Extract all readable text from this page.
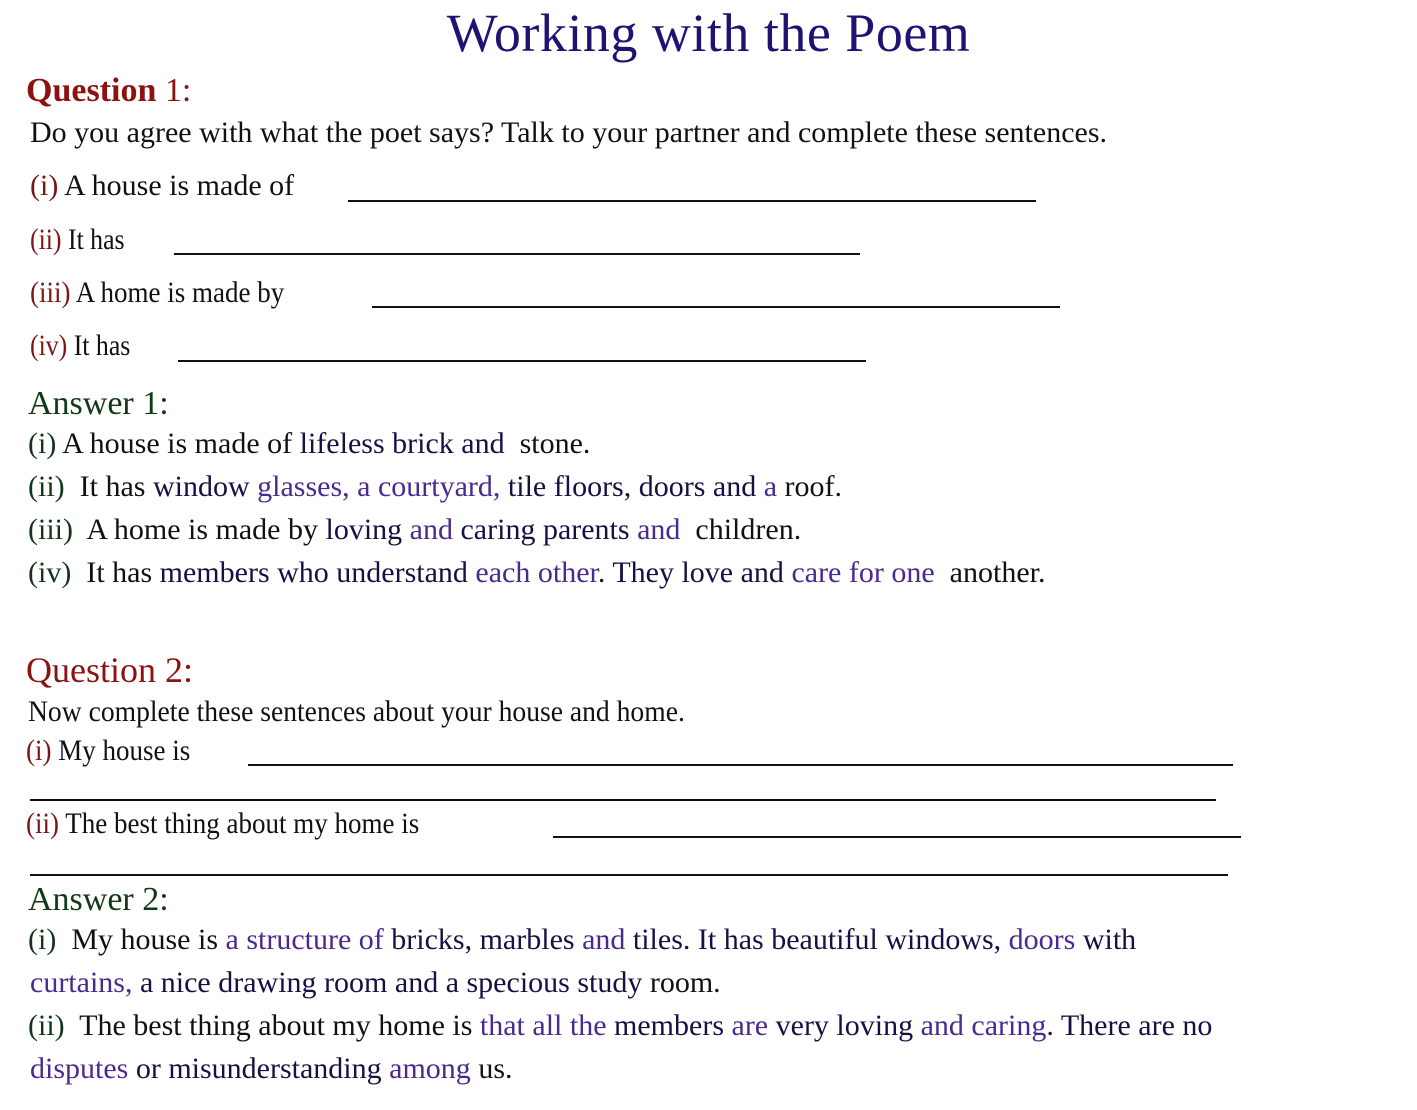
Working with the Poem
Question 1:
Do you agree with what the poet says? Talk to your partner and complete these sentences.
(i) A house is made of
(ii) It has
(iii) A home is made by
(iv) It has
Answer 1:
(i) A house is made of lifeless brick and  stone.
(ii)  It has window glasses, a courtyard, tile floors, doors and a roof.
(iii)  A home is made by loving and caring parents and  children.
(iv)  It has members who understand each other. They love and care for one  another.
Question 2:
Now complete these sentences about your house and home.
(i) My house is
(ii) The best thing about my home is
Answer 2:
(i)  My house is a structure of bricks, marbles and tiles. It has beautiful windows, doors with
curtains, a nice drawing room and a specious study room.
(ii)  The best thing about my home is that all the members are very loving and caring. There are no
disputes or misunderstanding among us.
